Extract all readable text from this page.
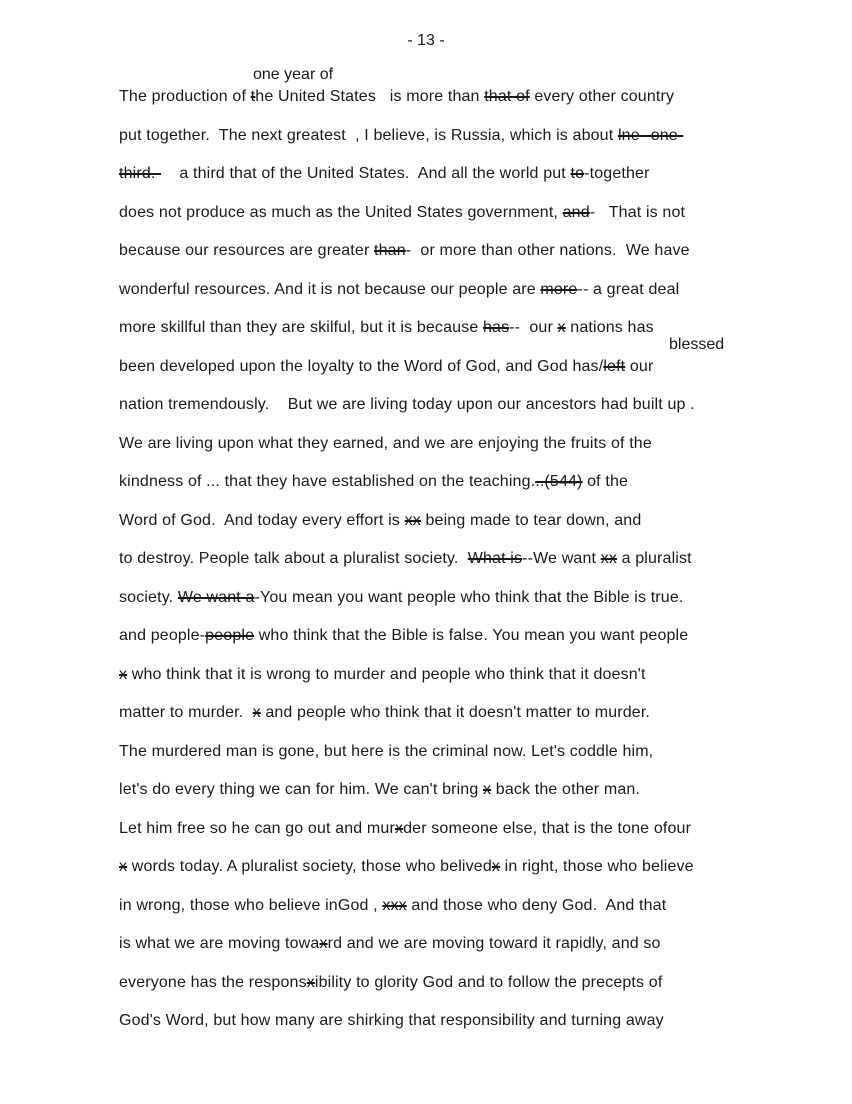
- 13 -
one year of
blessed
The production of the United States   is more than that of every other country
put together.  The next greatest  , I believe, is Russia, which is about lne--one-
third.-    a third that of the United States.  And all the world put to-together
does not produce as much as the United States government, and-   That is not
because our resources are greater than-  or more than other nations.  We have
wonderful resources. And it is not because our people are more-- a great deal
more skillful than they are skilful, but it is because has--  our x nations has
been developed upon the loyalty to the Word of God, and God has/left our
nation tremendously.    But we are living today upon our ancestors had built up .
We are living upon what they earned, and we are enjoying the fruits of the
kindness of ... that they have established on the teaching...(544) of the
Word of God.  And today every effort is xx being made to tear down, and
to destroy. People talk about a pluralist society.  What is--We want xx a pluralist
society. We want a-You mean you want people who think that the Bible is true.
and people-people who think that the Bible is false. You mean you want people
x who think that it is wrong to murder and people who think that it doesn't
matter to murder.  x and people who think that it doesn't matter to murder.
The murdered man is gone, but here is the criminal now. Let's coddle him,
let's do every thing we can for him. We can't bring x back the other man.
Let him free so he can go out and murxder someone else, that is the tone ofour
x words today. A pluralist society, those who belivedx in right, those who believe
in wrong, those who believe inGod , xxx and those who deny God.  And that
is what we are moving towaxrd and we are moving toward it rapidly, and so
everyone has the responsxibility to glority God and to follow the precepts of
God's Word, but how many are shirking that responsibility and turning away
